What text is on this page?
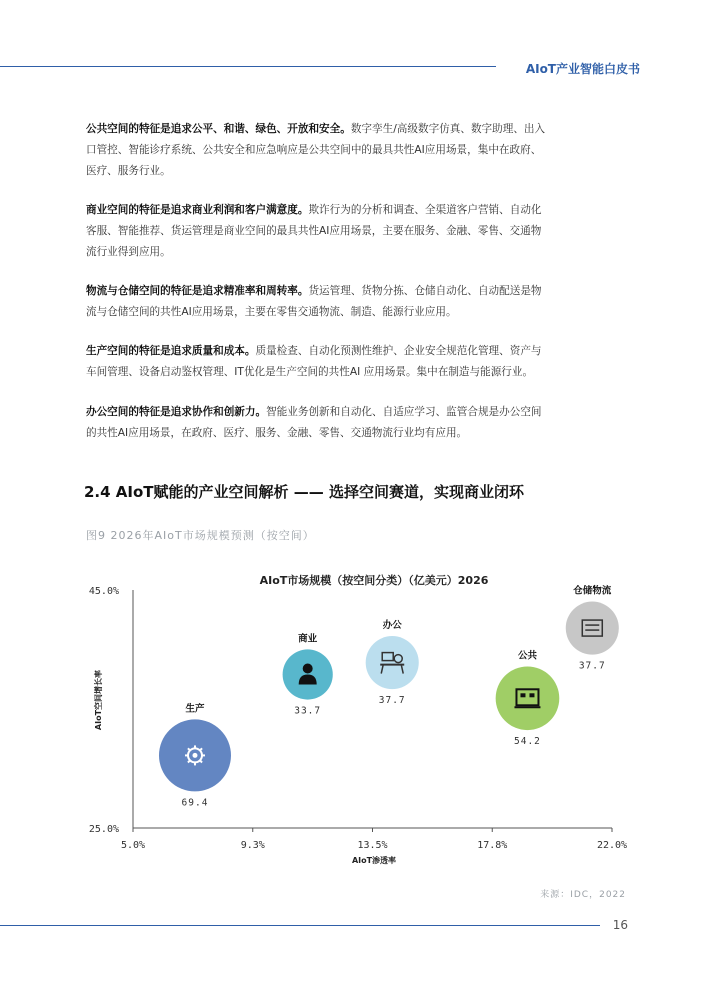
AIoT产业智能白皮书

公共空间的特征是追求公平、和谐、绿色、开放和安全。数字孪生/高级数字仿真、数字助理、出入
口管控、智能诊疗系统、公共安全和应急响应是公共空间中的最具共性AI应用场景，集中在政府、
医疗、服务行业。

商业空间的特征是追求商业利润和客户满意度。欺诈行为的分析和调查、全渠道客户营销、自动化
客服、智能推荐、货运管理是商业空间的最具共性AI应用场景，主要在服务、金融、零售、交通物
流行业得到应用。

物流与仓储空间的特征是追求精准率和周转率。货运管理、货物分拣、仓储自动化、自动配送是物
流与仓储空间的共性AI应用场景，主要在零售交通物流、制造、能源行业应用。

生产空间的特征是追求质量和成本。质量检查、自动化预测性维护、企业安全规范化管理、资产与
车间管理、设备启动鉴权管理、IT优化是生产空间的共性AI 应用场景。集中在制造与能源行业。

办公空间的特征是追求协作和创新力。智能业务创新和自动化、自适应学习、监管合规是办公空间
的共性AI应用场景，在政府、医疗、服务、金融、零售、交通物流行业均有应用。

2.4 AIoT赋能的产业空间解析 —— 选择空间赛道，实现商业闭环
图9 2026年AIoT市场规模预测（按空间）
AIoT市场规模（按空间分类）（亿美元）2026
AIoT空间增长率
AIoT渗透率
5.0%	9.3%	13.5%	17.8%	22.0%
45.0%
25.0%
生产
69.4
商业
33.7
办公
37.7
公共
54.2
仓储物流
37.7
来源：IDC，2022
16
